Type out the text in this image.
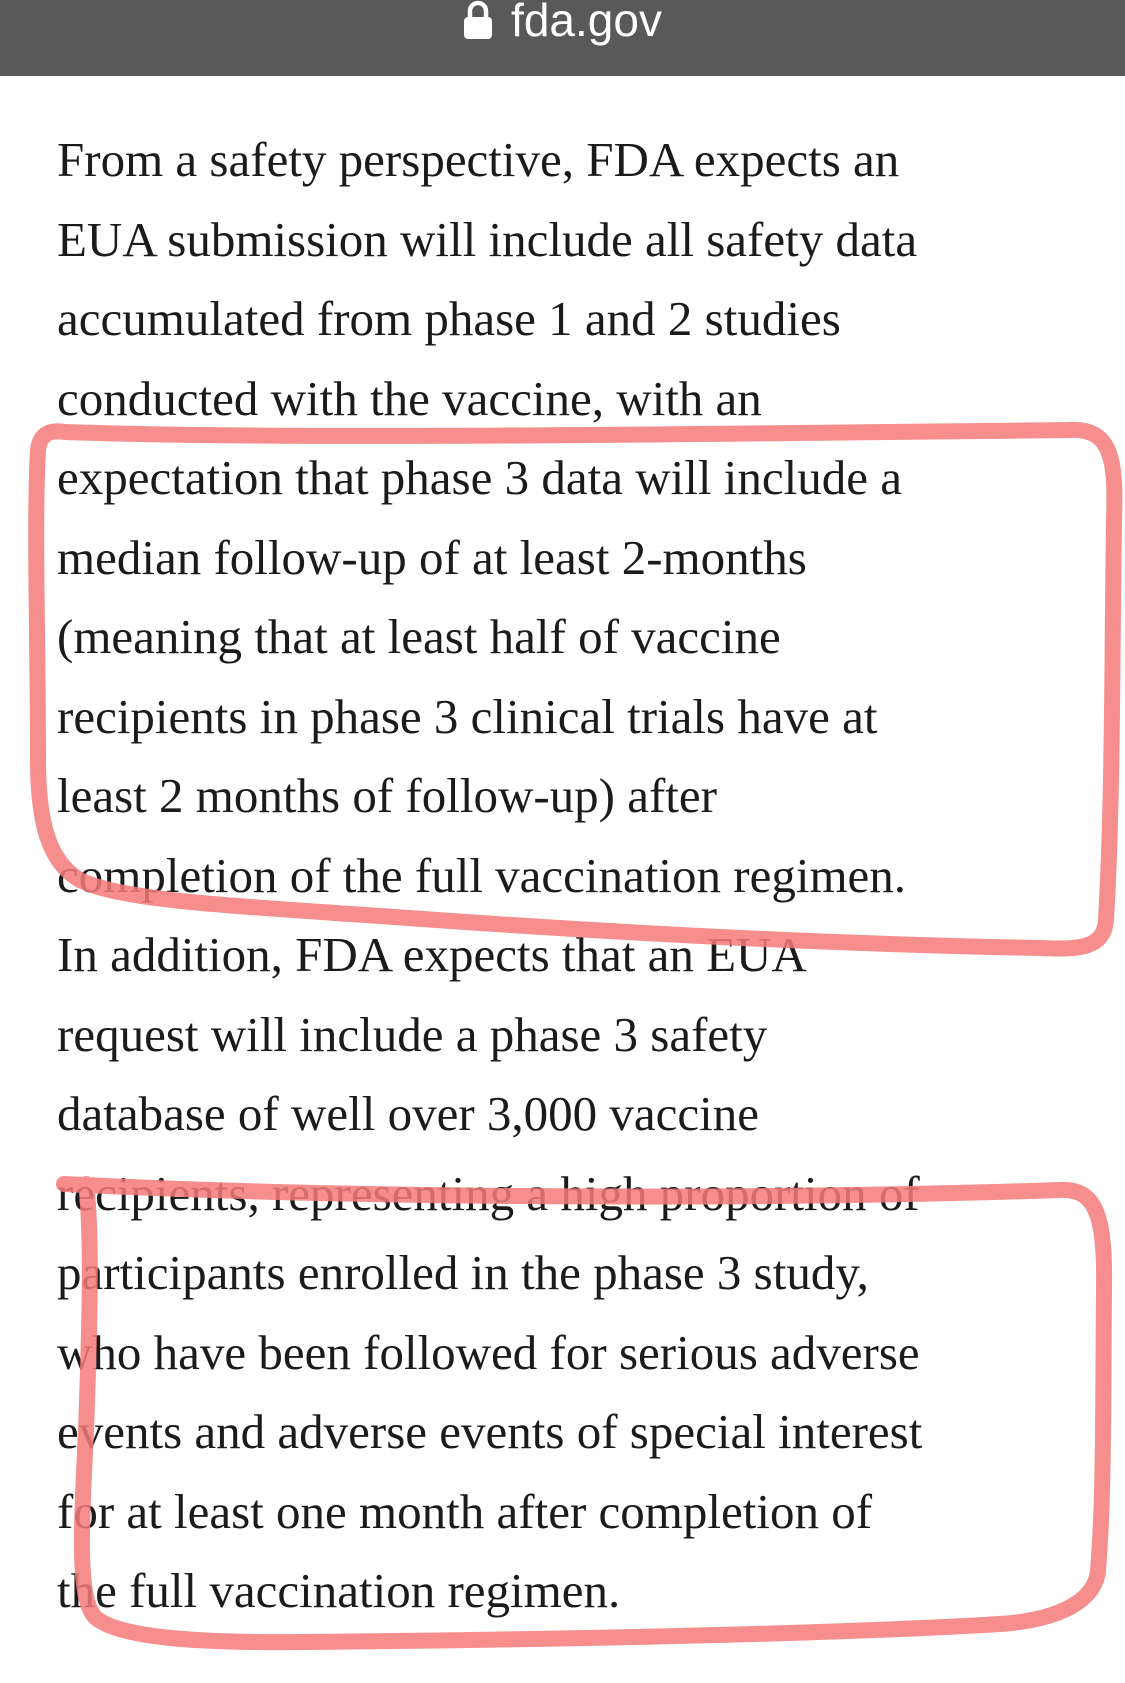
fda.gov
From a safety perspective, FDA expects an
EUA submission will include all safety data
accumulated from phase 1 and 2 studies
conducted with the vaccine, with an
expectation that phase 3 data will include a
median follow-up of at least 2-months
(meaning that at least half of vaccine
recipients in phase 3 clinical trials have at
least 2 months of follow-up) after
completion of the full vaccination regimen.
In addition, FDA expects that an EUA
request will include a phase 3 safety
database of well over 3,000 vaccine
recipients, representing a high proportion of
participants enrolled in the phase 3 study,
who have been followed for serious adverse
events and adverse events of special interest
for at least one month after completion of
the full vaccination regimen.
